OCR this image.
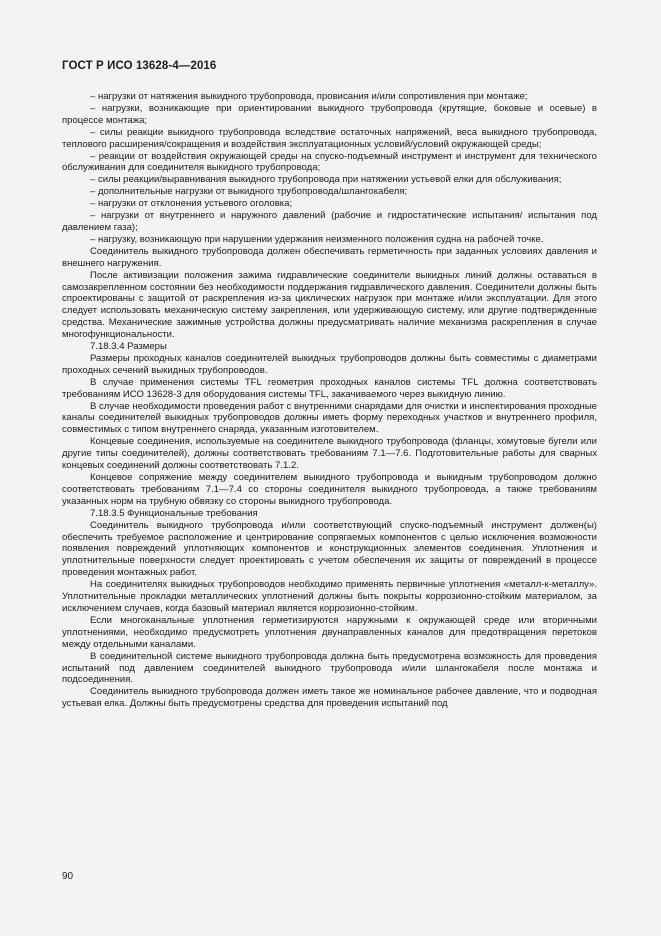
ГОСТ Р ИСО 13628-4—2016

– нагрузки от натяжения выкидного трубопровода, провисания и/или сопротивления при монтаже;

– нагрузки, возникающие при ориентировании выкидного трубопровода (крутящие, боковые и осевые) в процессе монтажа;

– силы реакции выкидного трубопровода вследствие остаточных напряжений, веса выкидного трубопровода, теплового расширения/сокращения и воздействия эксплуатационных условий/условий окружающей среды;

– реакции от воздействия окружающей среды на спуско-подъемный инструмент и инструмент для технического обслуживания для соединителя выкидного трубопровода;

– силы реакции/выравнивания выкидного трубопровода при натяжении устьевой елки для обслуживания;

– дополнительные нагрузки от выкидного трубопровода/шлангокабеля;

– нагрузки от отклонения устьевого оголовка;

– нагрузки от внутреннего и наружного давлений (рабочие и гидростатические испытания/ испытания под давлением газа);

– нагрузку, возникающую при нарушении удержания неизменного положения судна на рабочей точке.

Соединитель выкидного трубопровода должен обеспечивать герметичность при заданных условиях давления и внешнего нагружения.

После активизации положения зажима гидравлические соединители выкидных линий должны оставаться в самозакрепленном состоянии без необходимости поддержания гидравлического давления. Соединители должны быть спроектированы с защитой от раскрепления из-за циклических нагрузок при монтаже и/или эксплуатации. Для этого следует использовать механическую систему закрепления, или удерживающую систему, или другие подтвержденные средства. Механические зажимные устройства должны предусматривать наличие механизма раскрепления в случае многофункциональности.

7.18.3.4 Размеры

Размеры проходных каналов соединителей выкидных трубопроводов должны быть совместимы с диаметрами проходных сечений выкидных трубопроводов.

В случае применения системы TFL геометрия проходных каналов системы TFL должна соответствовать требованиям ИСО 13628-3 для оборудования системы TFL, закачиваемого через выкидную линию.

В случае необходимости проведения работ с внутренними снарядами для очистки и инспектирования проходные каналы соединителей выкидных трубопроводов должны иметь форму переходных участков и внутреннего профиля, совместимых с типом внутреннего снаряда, указанным изготовителем.

Концевые соединения, используемые на соединителе выкидного трубопровода (фланцы, хомутовые бугели или другие типы соединителей), должны соответствовать требованиям 7.1—7.6. Подготовительные работы для сварных концевых соединений должны соответствовать 7.1.2.

Концевое сопряжение между соединителем выкидного трубопровода и выкидным трубопроводом должно соответствовать требованиям 7.1—7.4 со стороны соединителя выкидного трубопровода, а также требованиям указанных норм на трубную обвязку со стороны выкидного трубопровода.

7.18.3.5 Функциональные требования

Соединитель выкидного трубопровода и/или соответствующий спуско-подъемный инструмент должен(ы) обеспечить требуемое расположение и центрирование сопрягаемых компонентов с целью исключения возможности появления повреждений уплотняющих компонентов и конструкционных элементов соединения. Уплотнения и уплотнительные поверхности следует проектировать с учетом обеспечения их защиты от повреждений в процессе проведения монтажных работ.

На соединителях выкидных трубопроводов необходимо применять первичные уплотнения «металл-к-металлу». Уплотнительные прокладки металлических уплотнений должны быть покрыты коррозионно-стойким материалом, за исключением случаев, когда базовый материал является коррозионно-стойким.

Если многоканальные уплотнения герметизируются наружными к окружающей среде или вторичными уплотнениями, необходимо предусмотреть уплотнения двунаправленных каналов для предотвращения перетоков между отдельными каналами.

В соединительной системе выкидного трубопровода должна быть предусмотрена возможность для проведения испытаний под давлением соединителей выкидного трубопровода и/или шлангокабеля после монтажа и подсоединения.

Соединитель выкидного трубопровода должен иметь такое же номинальное рабочее давление, что и подводная устьевая елка. Должны быть предусмотрены средства для проведения испытаний под

90
